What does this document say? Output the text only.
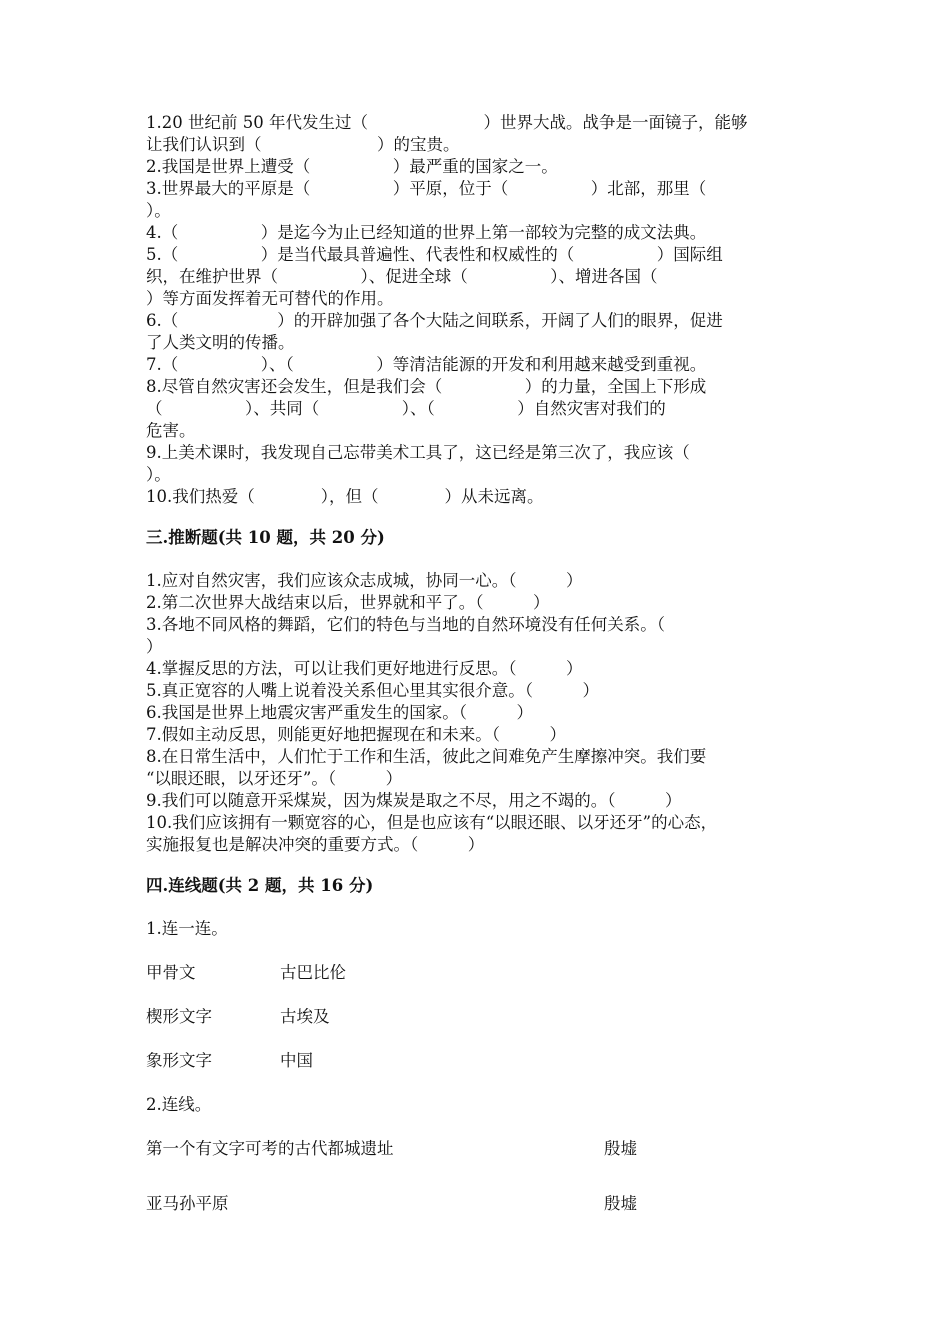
1.20 世纪前 50 年代发生过（　　　　　　　）世界大战。战争是一面镜子，能够
让我们认识到（　　　　　　　）的宝贵。
2.我国是世界上遭受（　　　　　）最严重的国家之一。
3.世界最大的平原是（　　　　　）平原，位于（　　　　　）北部，那里（
）。
4.（　　　　　）是迄今为止已经知道的世界上第一部较为完整的成文法典。
5.（　　　　　）是当代最具普遍性、代表性和权威性的（　　　　　）国际组
织，在维护世界（　　　　　）、促进全球（　　　　　）、增进各国（
）等方面发挥着无可替代的作用。
6.（　　　　　　）的开辟加强了各个大陆之间联系，开阔了人们的眼界，促进
了人类文明的传播。
7.（　　　　　）、（　　　　　）等清洁能源的开发和利用越来越受到重视。
8.尽管自然灾害还会发生，但是我们会（　　　　　）的力量，全国上下形成
（　　　　　）、共同（　　　　　）、（　　　　　）自然灾害对我们的
危害。
9.上美术课时，我发现自己忘带美术工具了，这已经是第三次了，我应该（
）。
10.我们热爱（　　　　），但（　　　　）从未远离。
三.推断题(共 10 题，共 20 分)
1.应对自然灾害，我们应该众志成城，协同一心。（　　　）
2.第二次世界大战结束以后，世界就和平了。（　　　）
3.各地不同风格的舞蹈，它们的特色与当地的自然环境没有任何关系。（
）
4.掌握反思的方法，可以让我们更好地进行反思。（　　　）
5.真正宽容的人嘴上说着没关系但心里其实很介意。（　　　）
6.我国是世界上地震灾害严重发生的国家。（　　　）
7.假如主动反思，则能更好地把握现在和未来。（　　　）
8.在日常生活中，人们忙于工作和生活，彼此之间难免产生摩擦冲突。我们要
“以眼还眼，以牙还牙”。（　　　）
9.我们可以随意开采煤炭，因为煤炭是取之不尽，用之不竭的。（　　　）
10.我们应该拥有一颗宽容的心，但是也应该有“以眼还眼、以牙还牙”的心态，
实施报复也是解决冲突的重要方式。（　　　）
四.连线题(共 2 题，共 16 分)
1.连一连。
甲骨文	古巴比伦
楔形文字	古埃及
象形文字	中国
2.连线。
第一个有文字可考的古代都城遗址	殷墟
亚马孙平原	殷墟
